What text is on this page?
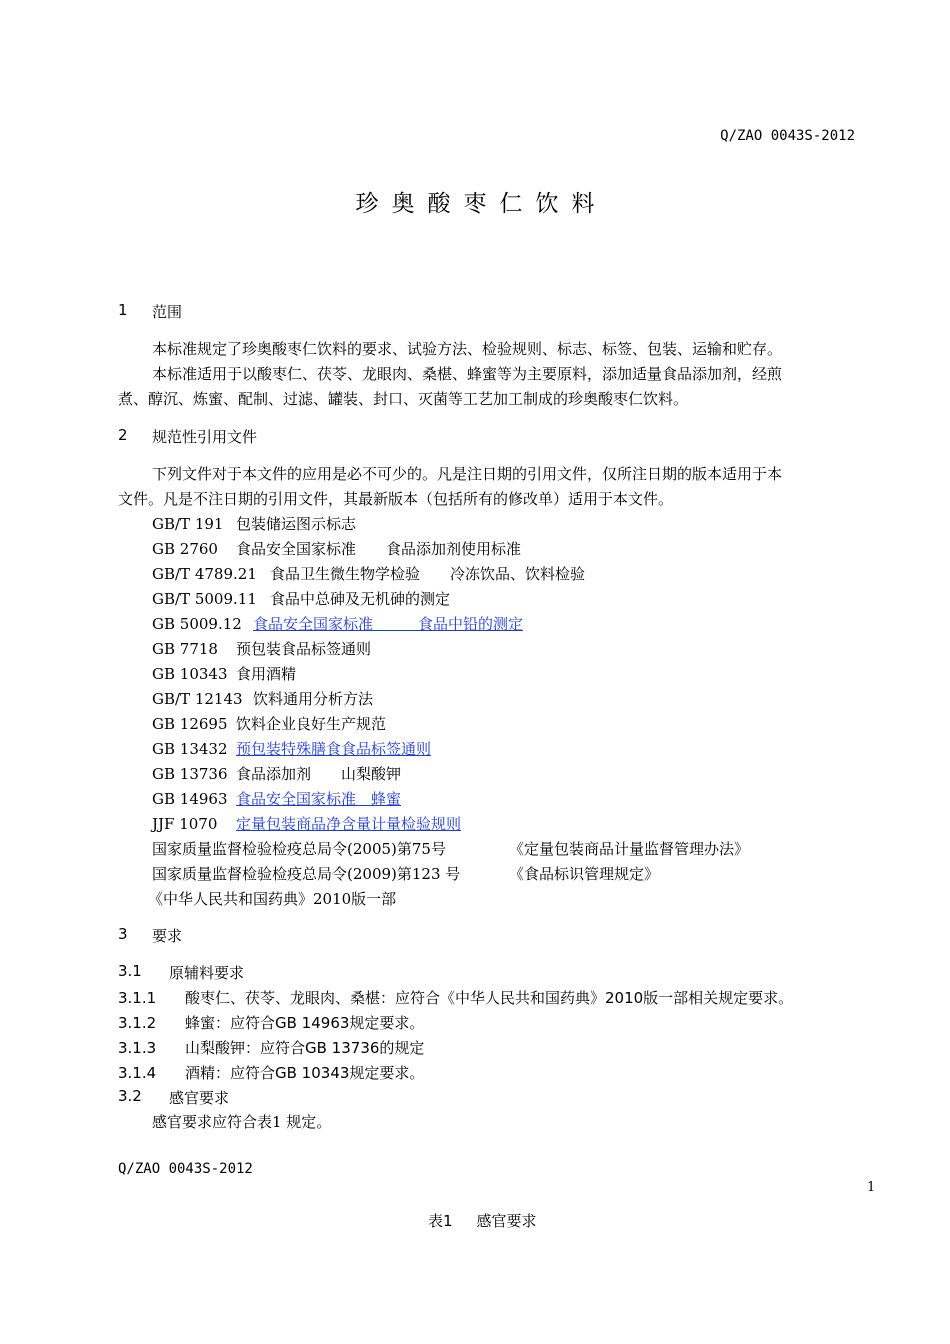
Q/ZAO 0043S-2012
珍奥酸枣仁饮料
1 范围
本标准规定了珍奥酸枣仁饮料的要求、试验方法、检验规则、标志、标签、包装、运输和贮存。
本标准适用于以酸枣仁、茯苓、龙眼肉、桑椹、蜂蜜等为主要原料，添加适量食品添加剂，经煎
煮、醇沉、炼蜜、配制、过滤、罐装、封口、灭菌等工艺加工制成的珍奥酸枣仁饮料。
2 规范性引用文件
下列文件对于本文件的应用是必不可少的。凡是注日期的引用文件，仅所注日期的版本适用于本
文件。凡是不注日期的引用文件，其最新版本（包括所有的修改单）适用于本文件。
GB/T 191 包装储运图示标志
GB 2760 食品安全国家标准　　食品添加剂使用标准
GB/T 4789.21 食品卫生微生物学检验　　冷冻饮品、饮料检验
GB/T 5009.11 食品中总砷及无机砷的测定
GB 5009.12 食品安全国家标准　　　食品中铅的测定
GB 7718 预包装食品标签通则
GB 10343 食用酒精
GB/T 12143 饮料通用分析方法
GB 12695 饮料企业良好生产规范
GB 13432 预包装特殊膳食食品标签通则
GB 13736 食品添加剂　　山梨酸钾
GB 14963 食品安全国家标准　蜂蜜
JJF 1070 定量包装商品净含量计量检验规则
国家质量监督检验检疫总局令(2005)第75号	《定量包装商品计量监督管理办法》
国家质量监督检验检疫总局令(2009)第123 号	《食品标识管理规定》
《中华人民共和国药典》2010版一部
3 要求
3.1 原辅料要求
3.1.1 酸枣仁、茯苓、龙眼肉、桑椹：应符合《中华人民共和国药典》2010版一部相关规定要求。
3.1.2 蜂蜜：应符合GB 14963规定要求。
3.1.3 山梨酸钾：应符合GB 13736的规定
3.1.4 酒精：应符合GB 10343规定要求。
3.2 感官要求
感官要求应符合表1 规定。
Q/ZAO 0043S-2012
1
表1 感官要求
